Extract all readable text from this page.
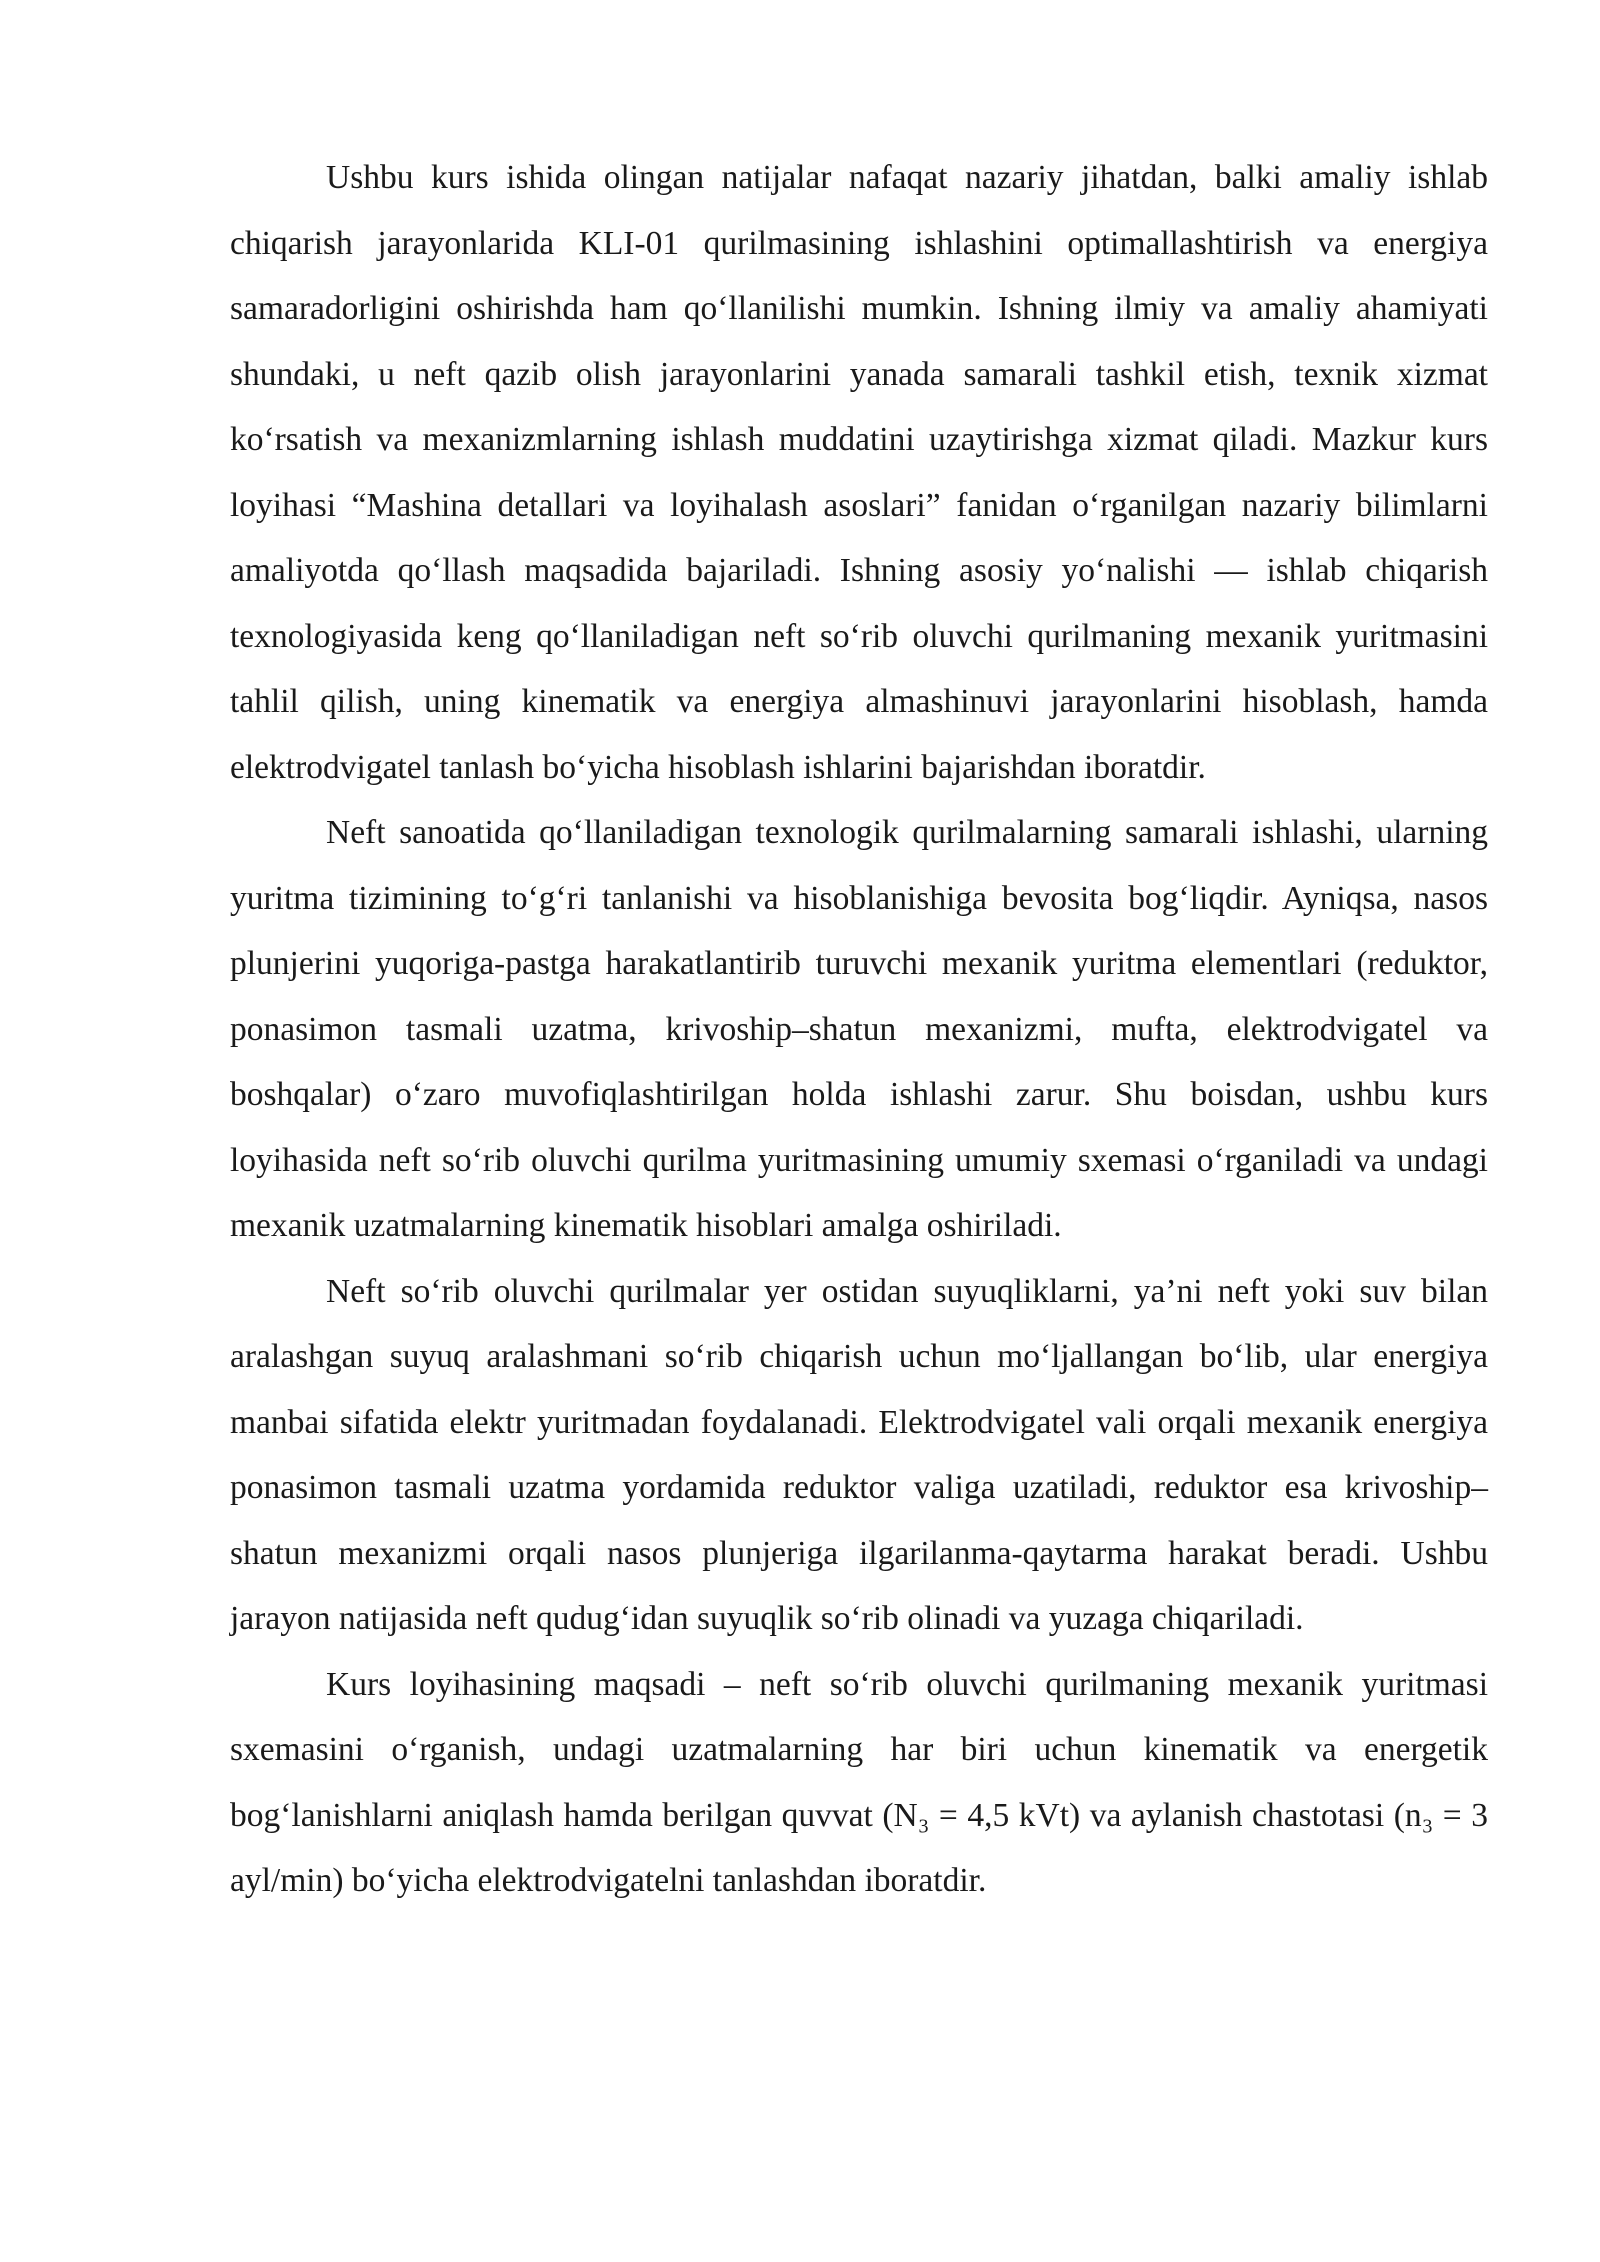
Ushbu kurs ishida olingan natijalar nafaqat nazariy jihatdan, balki amaliy ishlab chiqarish jarayonlarida KLI-01 qurilmasining ishlashini optimallashtirish va energiya samaradorligini oshirishda ham qo‘llanilishi mumkin. Ishning ilmiy va amaliy ahamiyati shundaki, u neft qazib olish jarayonlarini yanada samarali tashkil etish, texnik xizmat ko‘rsatish va mexanizmlarning ishlash muddatini uzaytirishga xizmat qiladi. Mazkur kurs loyihasi “Mashina detallari va loyihalash asoslari” fanidan o‘rganilgan nazariy bilimlarni amaliyotda qo‘llash maqsadida bajariladi. Ishning asosiy yo‘nalishi — ishlab chiqarish texnologiyasida keng qo‘llaniladigan neft so‘rib oluvchi qurilmaning mexanik yuritmasini tahlil qilish, uning kinematik va energiya almashinuvi jarayonlarini hisoblash, hamda elektrodvigatel tanlash bo‘yicha hisoblash ishlarini bajarishdan iboratdir.

Neft sanoatida qo‘llaniladigan texnologik qurilmalarning samarali ishlashi, ularning yuritma tizimining to‘g‘ri tanlanishi va hisoblanishiga bevosita bog‘liqdir. Ayniqsa, nasos plunjerini yuqoriga-pastga harakatlantirib turuvchi mexanik yuritma elementlari (reduktor, ponasimon tasmali uzatma, krivoship–shatun mexanizmi, mufta, elektrodvigatel va boshqalar) o‘zaro muvofiqlashtirilgan holda ishlashi zarur. Shu boisdan, ushbu kurs loyihasida neft so‘rib oluvchi qurilma yuritmasining umumiy sxemasi o‘rganiladi va undagi mexanik uzatmalarning kinematik hisoblari amalga oshiriladi.

Neft so‘rib oluvchi qurilmalar yer ostidan suyuqliklarni, ya’ni neft yoki suv bilan aralashgan suyuq aralashmani so‘rib chiqarish uchun mo‘ljallangan bo‘lib, ular energiya manbai sifatida elektr yuritmadan foydalanadi. Elektrodvigatel vali orqali mexanik energiya ponasimon tasmali uzatma yordamida reduktor valiga uzatiladi, reduktor esa krivoship–shatun mexanizmi orqali nasos plunjeriga ilgarilanma-qaytarma harakat beradi. Ushbu jarayon natijasida neft qudug‘idan suyuqlik so‘rib olinadi va yuzaga chiqariladi.

Kurs loyihasining maqsadi – neft so‘rib oluvchi qurilmaning mexanik yuritmasi sxemasini o‘rganish, undagi uzatmalarning har biri uchun kinematik va energetik bog‘lanishlarni aniqlash hamda berilgan quvvat (N₃ = 4,5 kVt) va aylanish chastotasi (n₃ = 3 ayl/min) bo‘yicha elektrodvigatelni tanlashdan iboratdir.
